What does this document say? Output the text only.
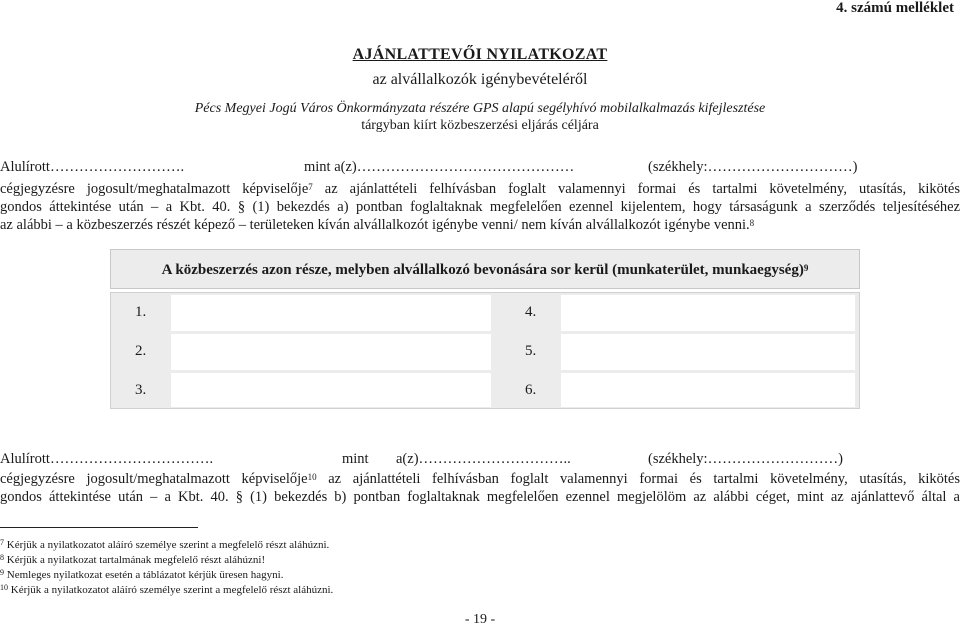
4. számú melléklet
AJÁNLATTEVŐI NYILATKOZAT
az alvállalkozók igénybevételéről
Pécs Megyei Jogú Város Önkormányzata részére GPS alapú segélyhívó mobilalkalmazás kifejlesztése
tárgyban kiírt közbeszerzési eljárás céljára
Alulírott……………………….	mint a(z)………………………………………	(székhely:…………………………)
cégjegyzésre jogosult/meghatalmazott képviselője$^7$ az ajánlattételi felhívásban foglalt valamennyi formai és tartalmi követelmény, utasítás, kikötés
gondos áttekintése után – a Kbt. 40. § (1) bekezdés a) pontban foglaltaknak megfelelően ezennel kijelentem, hogy társaságunk a szerződés teljesítéséhez
az alábbi – a közbeszerzés részét képező – területeken kíván alvállalkozót igénybe venni/ nem kíván alvállalkozót igénybe venni.$^8$
A közbeszerzés azon része, melyben alvállalkozó bevonására sor kerül (munkaterület, munkaegység)$^9$
1.	4.
2.	5.
3.	6.
Alulírott…………………………….	mint a(z)…………………………..	(székhely:………………………)
cégjegyzésre jogosult/meghatalmazott képviselője$^{10}$ az ajánlattételi felhívásban foglalt valamennyi formai és tartalmi követelmény, utasítás, kikötés
gondos áttekintése után – a Kbt. 40. § (1) bekezdés b) pontban foglaltaknak megfelelően ezennel megjelölöm az alábbi céget, mint az ajánlattevő által a
$^7$ Kérjük a nyilatkozatot aláíró személye szerint a megfelelő részt aláhúzni.
$^8$ Kérjük a nyilatkozat tartalmának megfelelő részt aláhúzni!
$^9$ Nemleges nyilatkozat esetén a táblázatot kérjük üresen hagyni.
$^{10}$ Kérjük a nyilatkozatot aláíró személye szerint a megfelelő részt aláhúzni.
- 19 -
